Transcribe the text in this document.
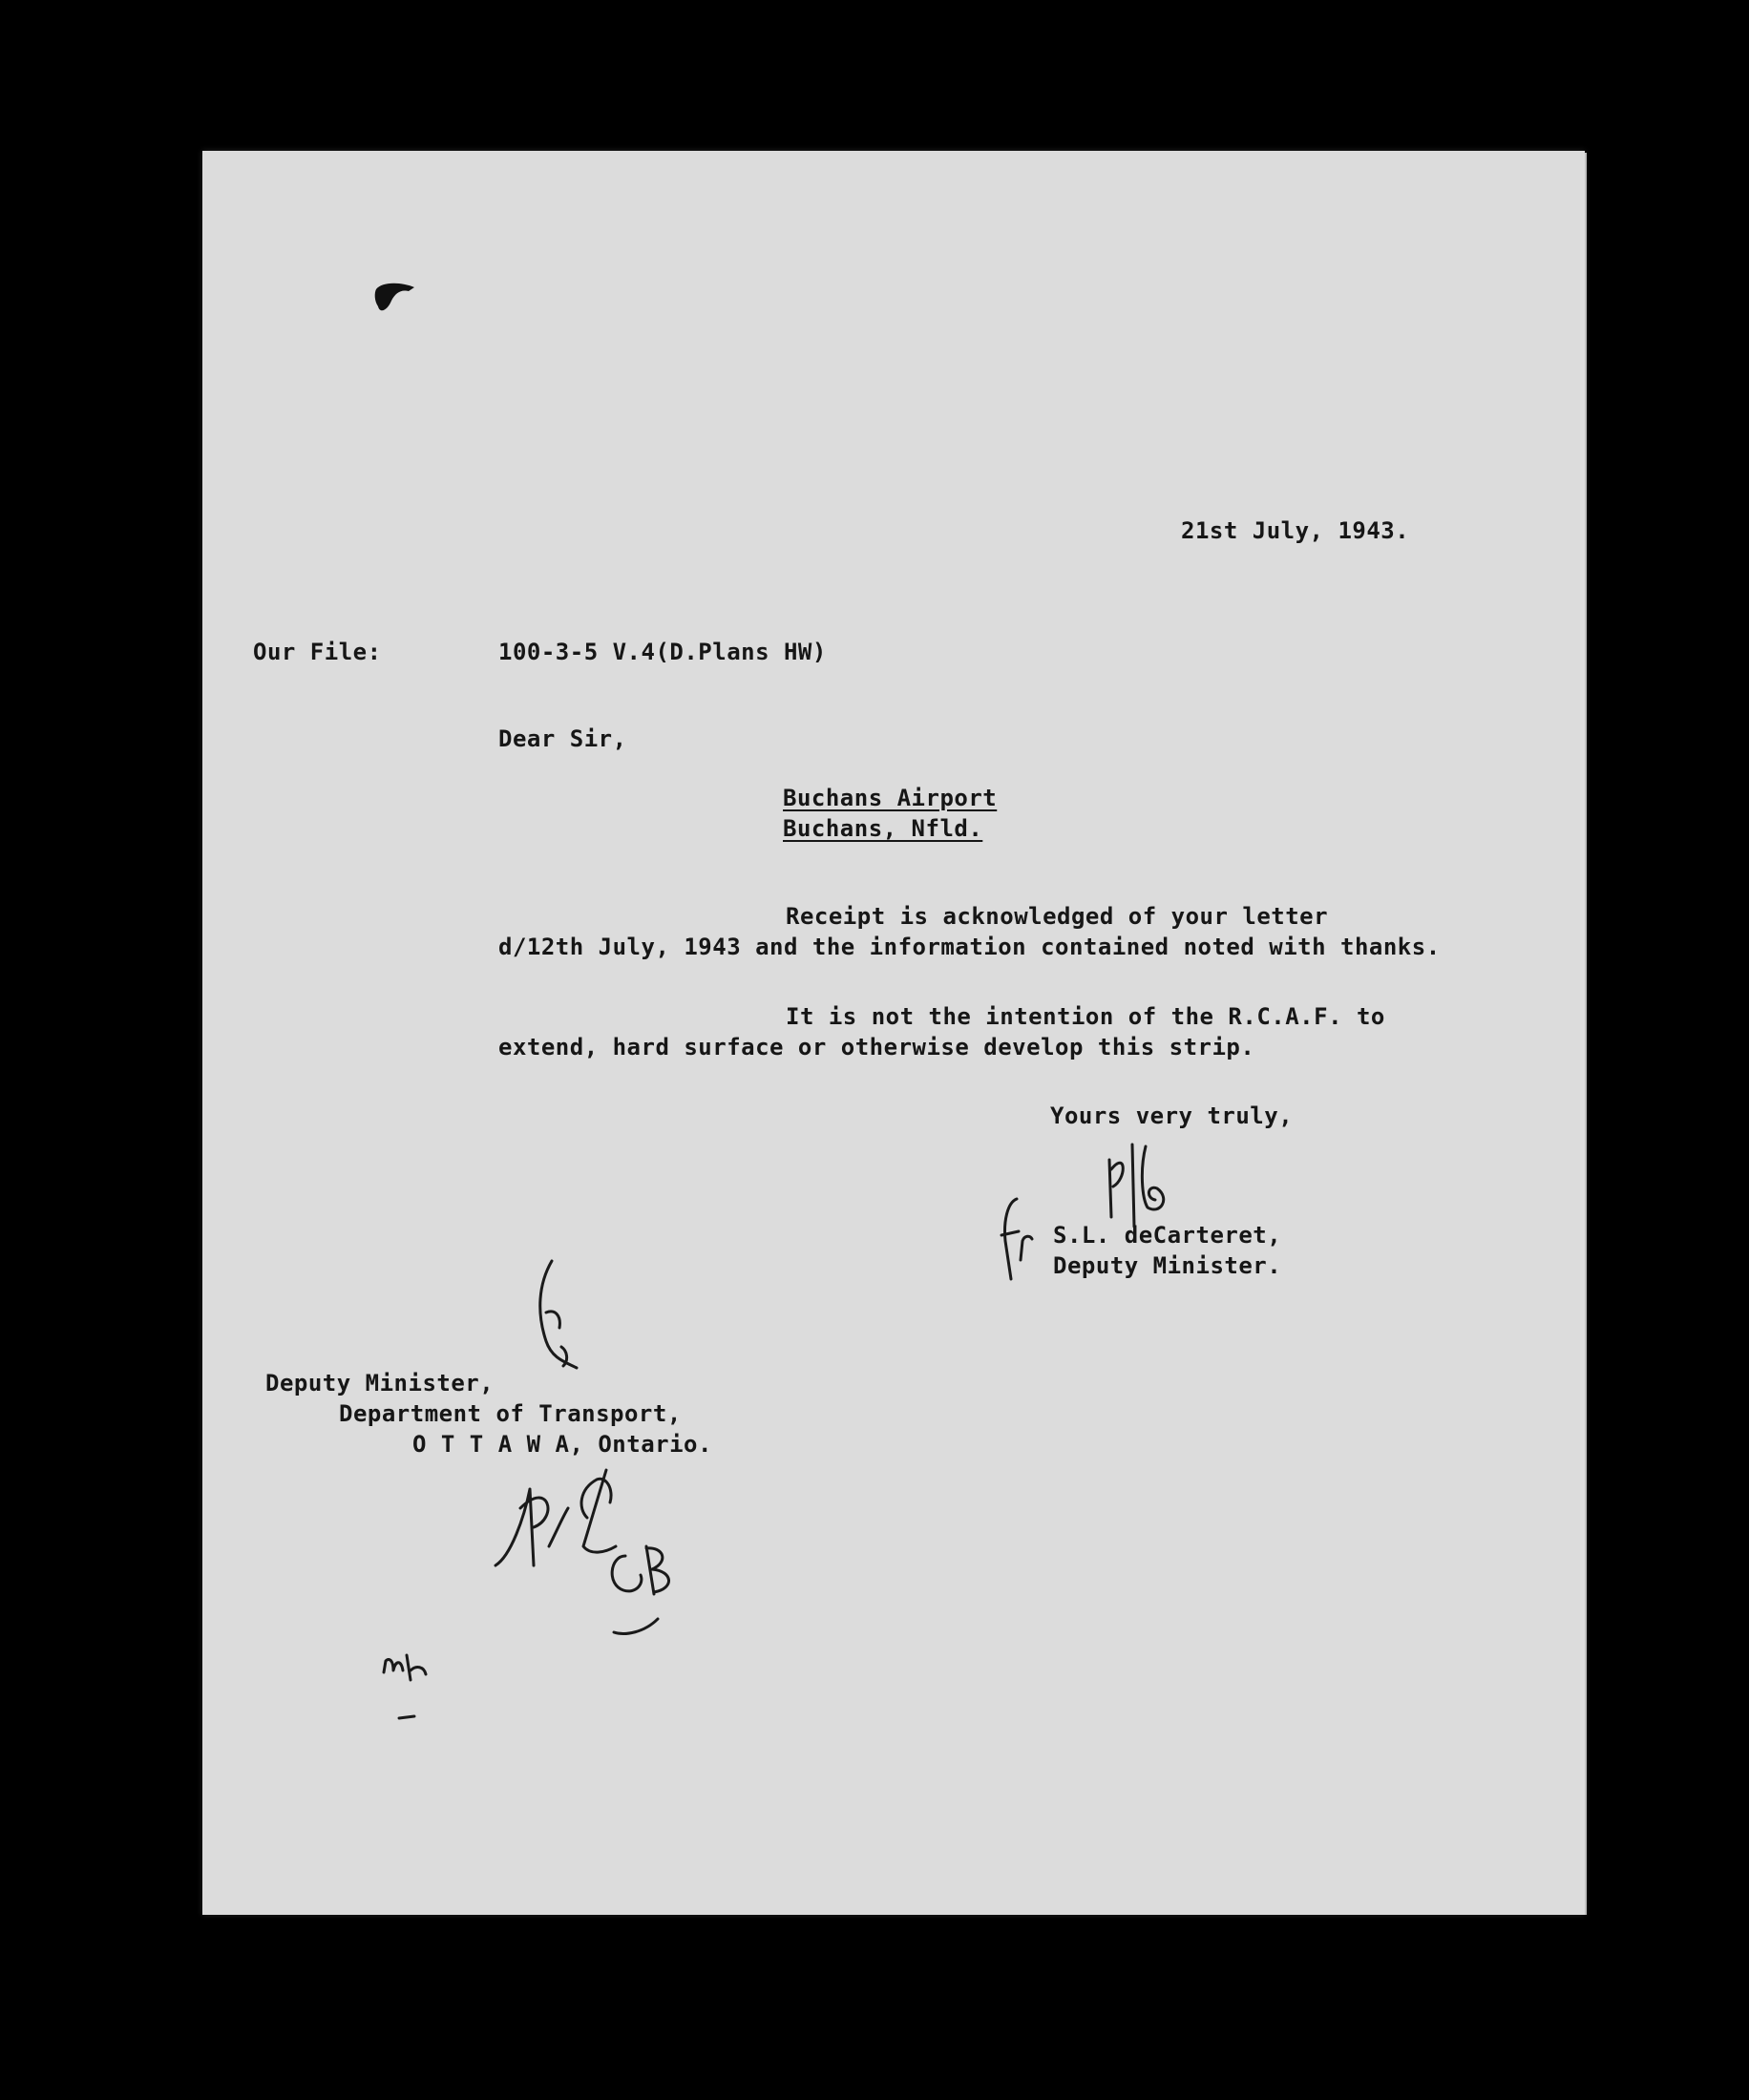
21st July, 1943.
Our File:	100-3-5 V.4(D.Plans HW)
Dear Sir,
Buchans Airport
Buchans, Nfld.
Receipt is acknowledged of your letter
d/12th July, 1943 and the information contained noted with thanks.
It is not the intention of the R.C.A.F. to
extend, hard surface or otherwise develop this strip.
Yours very truly,
S.L. deCarteret,
Deputy Minister.
Deputy Minister,
Department of Transport,
O T T A W A, Ontario.
